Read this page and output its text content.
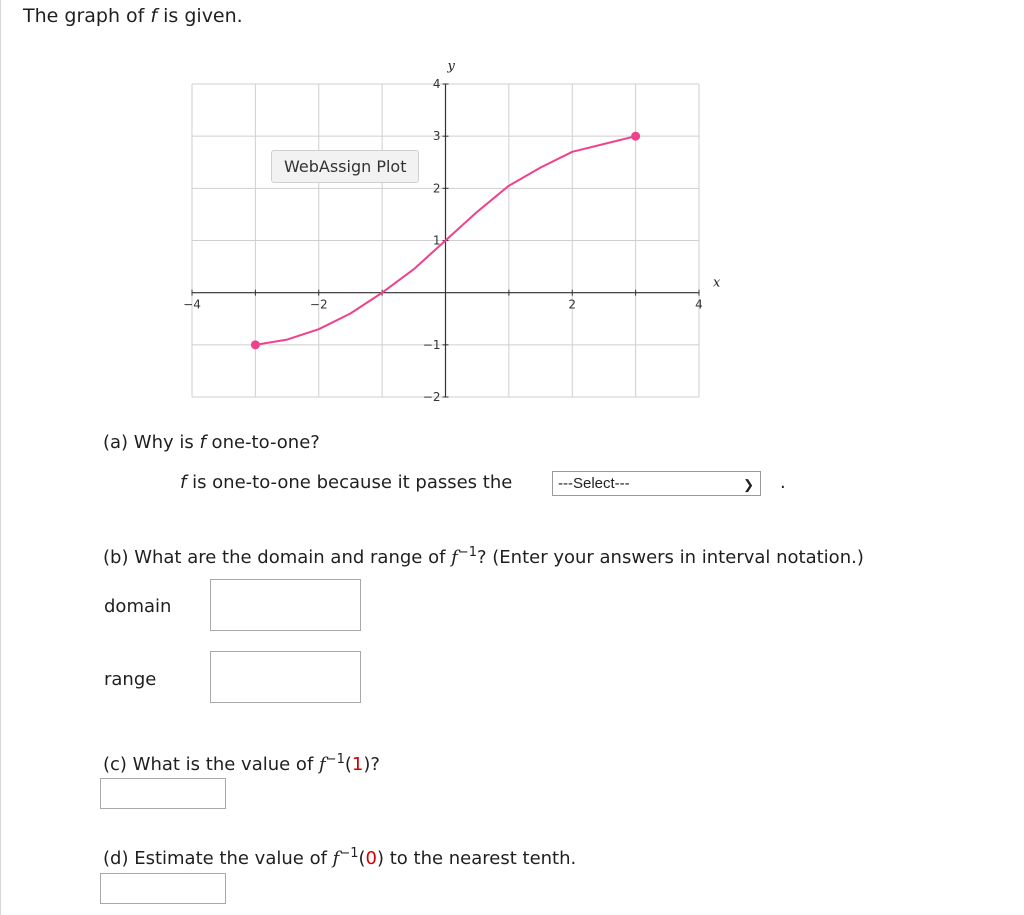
The graph of f is given.
x
y
−4	−2	2	4
4
3
2
1
−1
−2
WebAssign Plot
(a) Why is f one-to-one?
f is one-to-one because it passes the	---Select---	❯ .
(b) What are the domain and range of $f^{-1}$? (Enter your answers in interval notation.)
domain
range
(c) What is the value of $f^{-1}(1)$?
(d) Estimate the value of $f^{-1}(0)$ to the nearest tenth.
